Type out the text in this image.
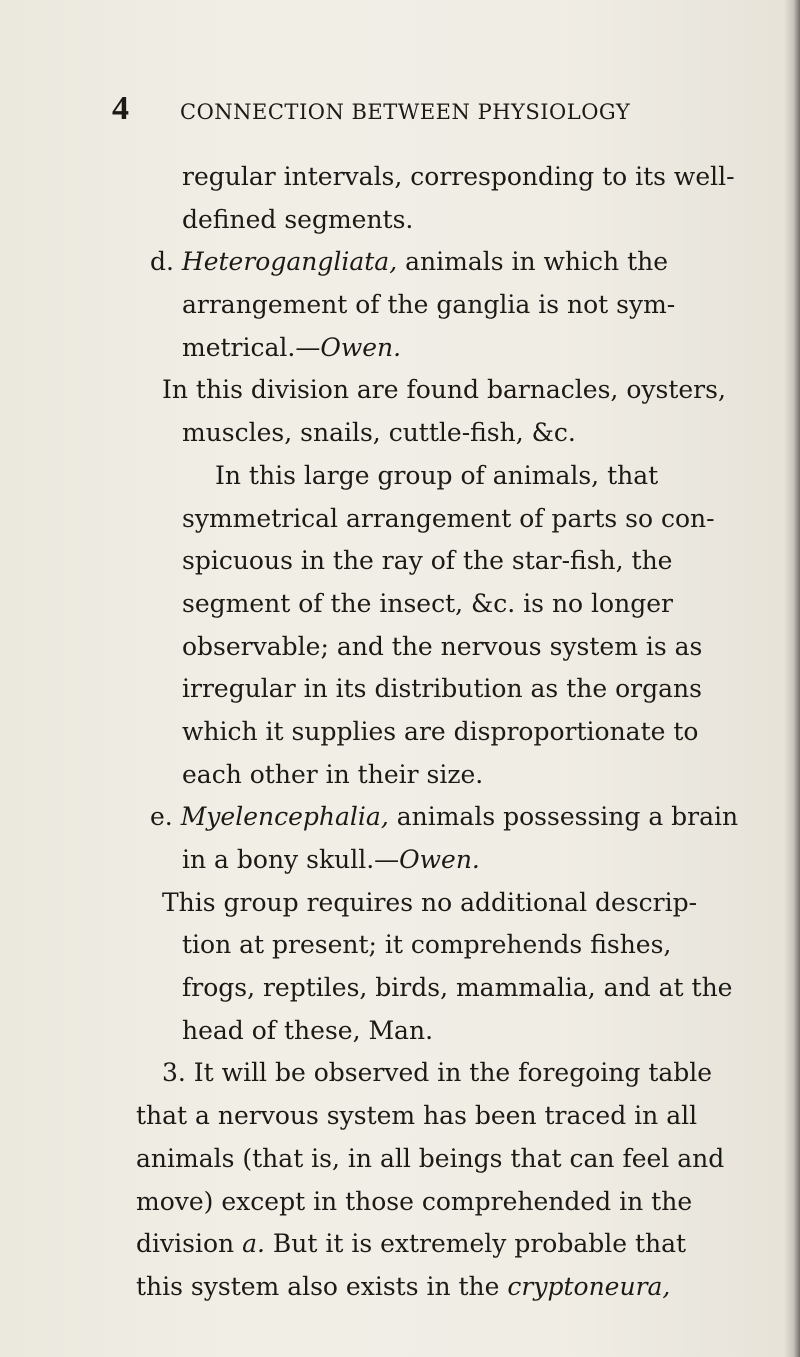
4 CONNECTION BETWEEN PHYSIOLOGY
regular intervals, corresponding to its well-
defined segments.
d. Heterogangliata, animals in which the
arrangement of the ganglia is not sym-
metrical.—Owen.
In this division are found barnacles, oysters,
muscles, snails, cuttle-fish, &c.
In this large group of animals, that
symmetrical arrangement of parts so con-
spicuous in the ray of the star-fish, the
segment of the insect, &c. is no longer
observable; and the nervous system is as
irregular in its distribution as the organs
which it supplies are disproportionate to
each other in their size.
e. Myelencephalia, animals possessing a brain
in a bony skull.—Owen.
This group requires no additional descrip-
tion at present; it comprehends fishes,
frogs, reptiles, birds, mammalia, and at the
head of these, Man.
3. It will be observed in the foregoing table
that a nervous system has been traced in all
animals (that is, in all beings that can feel and
move) except in those comprehended in the
division a. But it is extremely probable that
this system also exists in the cryptoneura,
